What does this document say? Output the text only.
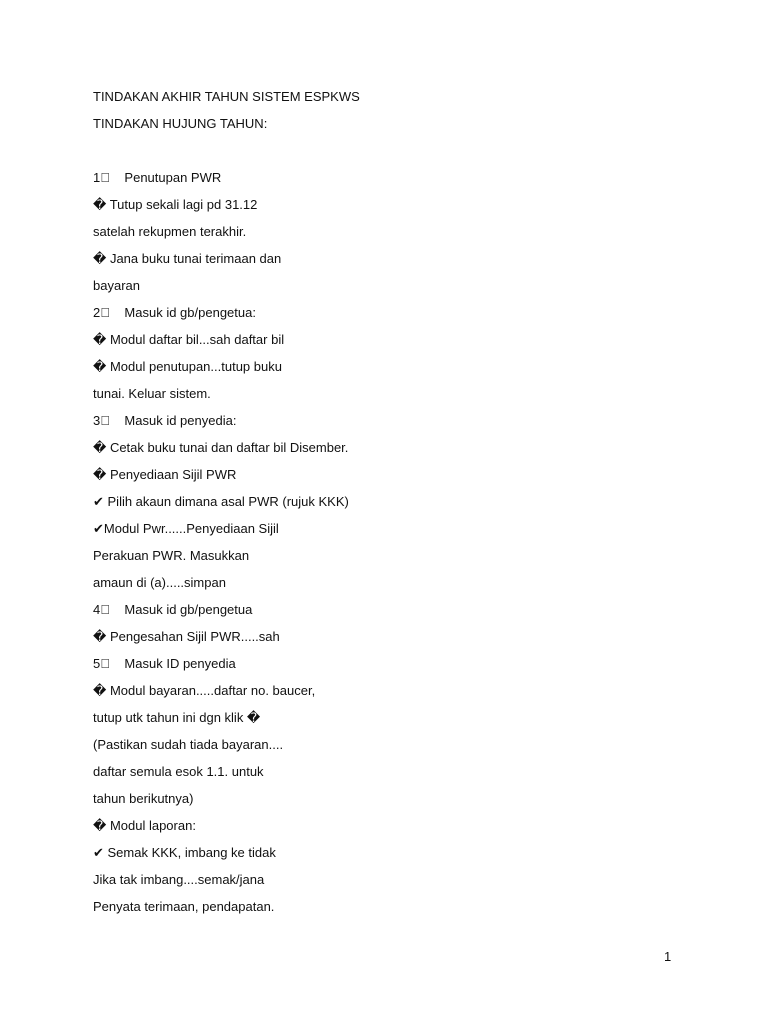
TINDAKAN AKHIR TAHUN SISTEM ESPKWS

TINDAKAN HUJUNG TAHUN:

1     Penutupan PWR

� Tutup sekali lagi pd 31.12

satelah rekupmen terakhir.

� Jana buku tunai terimaan dan

bayaran

2     Masuk id gb/pengetua:

� Modul daftar bil...sah daftar bil

� Modul penutupan...tutup buku

tunai. Keluar sistem.

3     Masuk id penyedia:

� Cetak buku tunai dan daftar bil Disember.

� Penyediaan Sijil PWR

✔ Pilih akaun dimana asal PWR (rujuk KKK)

✔Modul Pwr......Penyediaan Sijil

Perakuan PWR. Masukkan

amaun di (a).....simpan

4     Masuk id gb/pengetua

� Pengesahan Sijil PWR.....sah

5     Masuk ID penyedia

� Modul bayaran.....daftar no. baucer,

tutup utk tahun ini dgn klik �

(Pastikan sudah tiada bayaran....

daftar semula esok 1.1. untuk

tahun berikutnya)

� Modul laporan:

✔ Semak KKK, imbang ke tidak

Jika tak imbang....semak/jana

Penyata terimaan, pendapatan.

1
